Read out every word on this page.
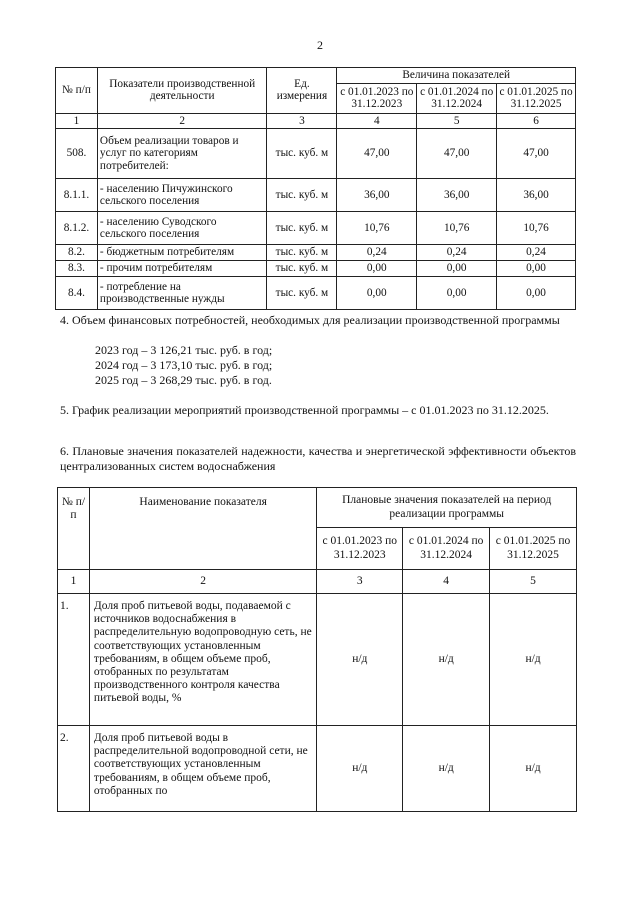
2
№ п/п	Показатели производственной деятельности	Ед. измерения	Величина показателей		
			с 01.01.2023 по 31.12.2023	с 01.01.2024 по 31.12.2024	с 01.01.2025 по 31.12.2025
1	2	3	4	5	6
508.	Объем реализации товаров и услуг по категориям потребителей:	тыс. куб. м	47,00	47,00	47,00
8.1.1.	- населению Пичужинского сельского поселения	тыс. куб. м	36,00	36,00	36,00
8.1.2.	- населению Суводского сельского поселения	тыс. куб. м	10,76	10,76	10,76
8.2.	- бюджетным потребителям	тыс. куб. м	0,24	0,24	0,24
8.3.	- прочим потребителям	тыс. куб. м	0,00	0,00	0,00
8.4.	- потребление на производственные нужды	тыс. куб. м	0,00	0,00	0,00
4. Объем финансовых потребностей, необходимых для реализации производственной программы
2023 год – 3 126,21 тыс. руб. в год;
2024 год – 3 173,10 тыс. руб. в год;
2025 год – 3 268,29 тыс. руб. в год.
5. График реализации мероприятий производственной программы – с 01.01.2023 по 31.12.2025.
6. Плановые значения показателей надежности, качества и энергетической эффективности объектов централизованных систем водоснабжения
№ п/п	Наименование показателя	Плановые значения показателей на период реализации программы		
		с 01.01.2023 по 31.12.2023	с 01.01.2024 по 31.12.2024	с 01.01.2025 по 31.12.2025
1	2	3	4	5
1.	Доля проб питьевой воды, подаваемой с источников водоснабжения в распределительную водопроводную сеть, не соответствующих установленным требованиям, в общем объеме проб, отобранных по результатам производственного контроля качества питьевой воды, %	н/д	н/д	н/д
2.	Доля проб питьевой воды в распределительной водопроводной сети, не соответствующих установленным требованиям, в общем объеме проб, отобранных по	н/д	н/д	н/д
